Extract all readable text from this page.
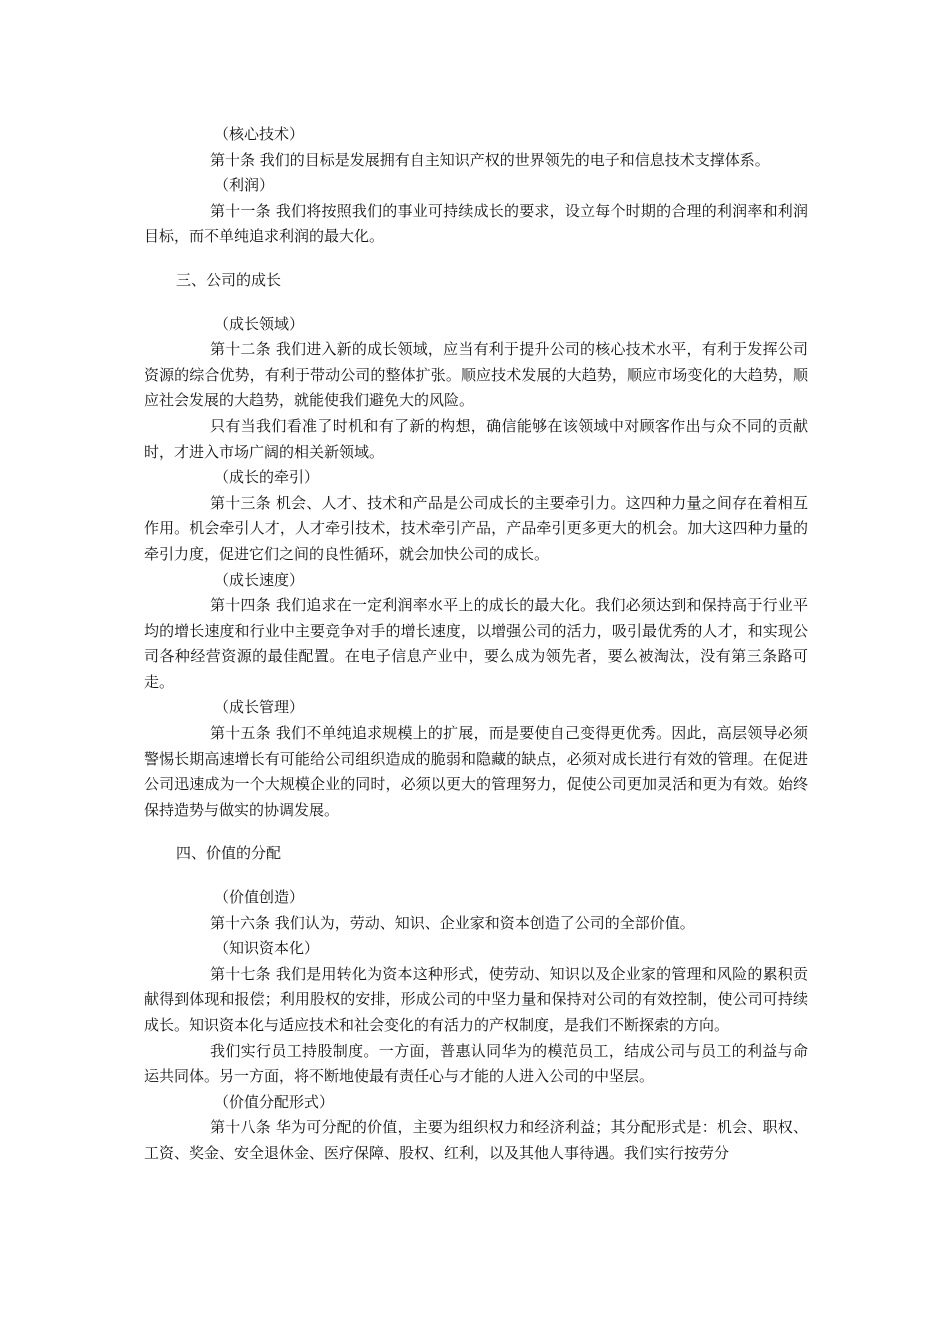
（核心技术）

第十条 我们的目标是发展拥有自主知识产权的世界领先的电子和信息技术支撑体系。

（利润）

第十一条 我们将按照我们的事业可持续成长的要求，设立每个时期的合理的利润率和利润目标，而不单纯追求利润的最大化。

三、公司的成长

（成长领域）

第十二条 我们进入新的成长领域，应当有利于提升公司的核心技术水平，有利于发挥公司资源的综合优势，有利于带动公司的整体扩张。顺应技术发展的大趋势，顺应市场变化的大趋势，顺应社会发展的大趋势，就能使我们避免大的风险。

只有当我们看准了时机和有了新的构想，确信能够在该领域中对顾客作出与众不同的贡献时，才进入市场广阔的相关新领域。

（成长的牵引）

第十三条 机会、人才、技术和产品是公司成长的主要牵引力。这四种力量之间存在着相互作用。机会牵引人才，人才牵引技术，技术牵引产品，产品牵引更多更大的机会。加大这四种力量的牵引力度，促进它们之间的良性循环，就会加快公司的成长。

（成长速度）

第十四条 我们追求在一定利润率水平上的成长的最大化。我们必须达到和保持高于行业平均的增长速度和行业中主要竞争对手的增长速度，以增强公司的活力，吸引最优秀的人才，和实现公司各种经营资源的最佳配置。在电子信息产业中，要么成为领先者，要么被淘汰，没有第三条路可走。

（成长管理）

第十五条 我们不单纯追求规模上的扩展，而是要使自己变得更优秀。因此，高层领导必须警惕长期高速增长有可能给公司组织造成的脆弱和隐藏的缺点，必须对成长进行有效的管理。在促进公司迅速成为一个大规模企业的同时，必须以更大的管理努力，促使公司更加灵活和更为有效。始终保持造势与做实的协调发展。

四、价值的分配

（价值创造）

第十六条 我们认为，劳动、知识、企业家和资本创造了公司的全部价值。

（知识资本化）

第十七条 我们是用转化为资本这种形式，使劳动、知识以及企业家的管理和风险的累积贡献得到体现和报偿；利用股权的安排，形成公司的中坚力量和保持对公司的有效控制，使公司可持续成长。知识资本化与适应技术和社会变化的有活力的产权制度，是我们不断探索的方向。

我们实行员工持股制度。一方面，普惠认同华为的模范员工，结成公司与员工的利益与命运共同体。另一方面，将不断地使最有责任心与才能的人进入公司的中坚层。

（价值分配形式）

第十八条 华为可分配的价值，主要为组织权力和经济利益；其分配形式是：机会、职权、工资、奖金、安全退休金、医疗保障、股权、红利，以及其他人事待遇。我们实行按劳分
